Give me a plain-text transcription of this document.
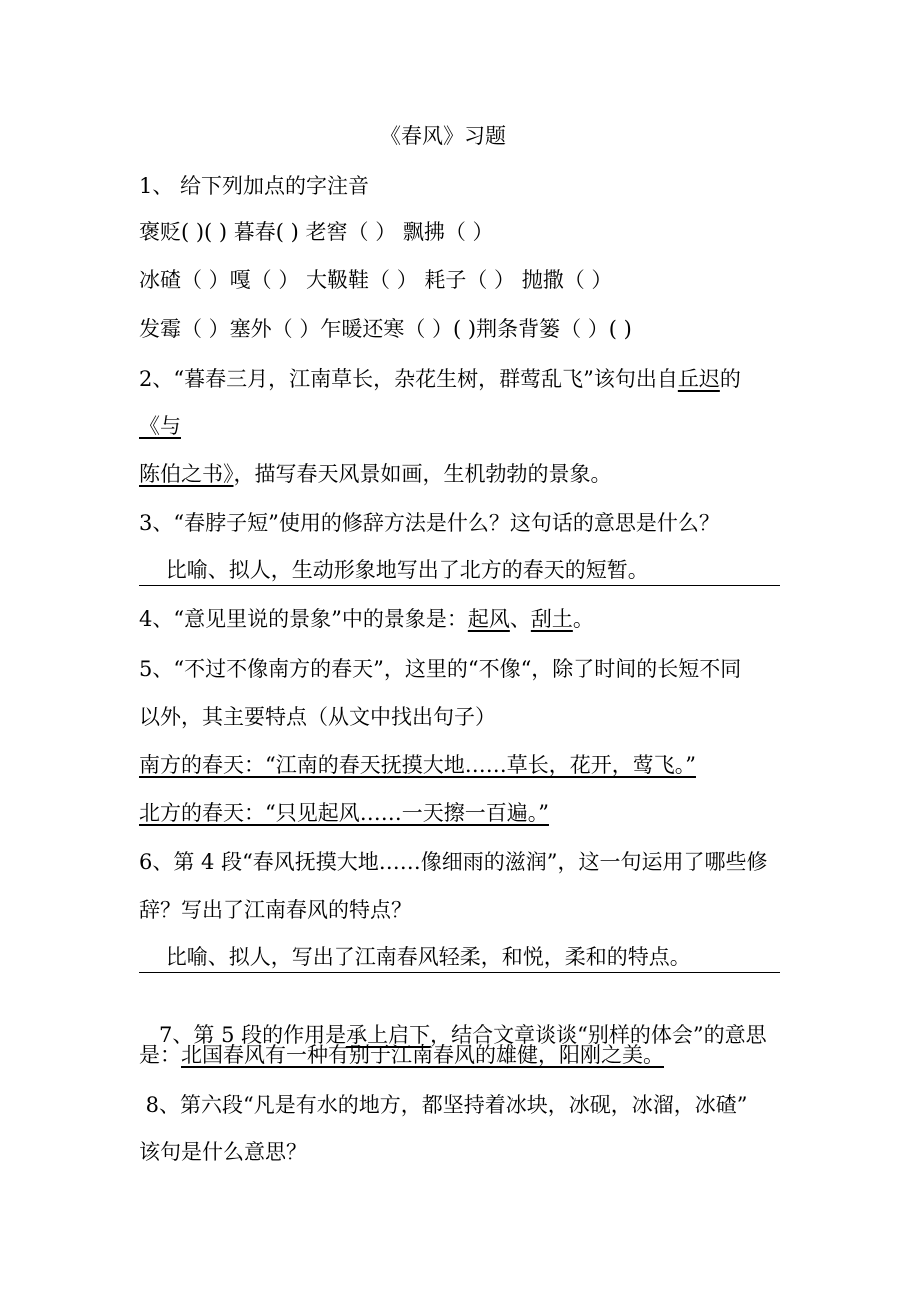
《春风》习题
1、 给下列加点的字注音
褒贬( )( ) 暮春( ) 老窖（ ） 飘拂（ ）
冰碴（ ）嘎（ ） 大靸鞋（ ） 耗子（ ） 抛撒（ ）
发霉（ ）塞外（ ）乍暖还寒（ ）( )荆条背篓（ ）( )
2、“暮春三月，江南草长，杂花生树，群莺乱飞”该句出自丘迟的
《与
陈伯之书》，描写春天风景如画，生机勃勃的景象。
3、“春脖子短”使用的修辞方法是什么？这句话的意思是什么？
比喻、拟人，生动形象地写出了北方的春天的短暂。
4、“意见里说的景象”中的景象是：起风、刮土。
5、“不过不像南方的春天”，这里的“不像“，除了时间的长短不同
以外，其主要特点（从文中找出句子）
南方的春天：“江南的春天抚摸大地……草长，花开，莺飞。”
北方的春天：“只见起风……一天擦一百遍。”
6、第 4 段“春风抚摸大地……像细雨的滋润”，这一句运用了哪些修
辞？写出了江南春风的特点？
比喻、拟人，写出了江南春风轻柔，和悦，柔和的特点。

7、第 5 段的作用是承上启下，结合文章谈谈“别样的体会”的意思

是：北国春风有一种有别于江南春风的雄健，阳刚之美。
8、第六段“凡是有水的地方，都坚持着冰块，冰砚，冰溜，冰碴”
该句是什么意思？
